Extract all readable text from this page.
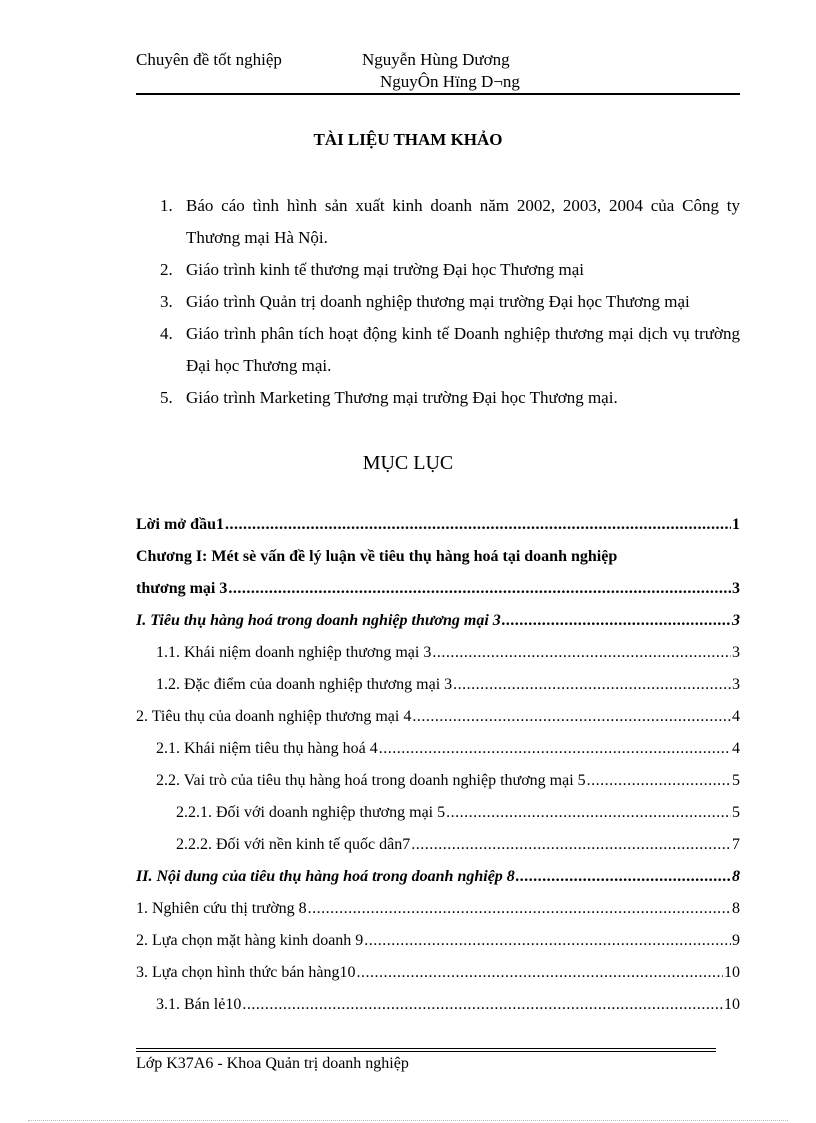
Chuyên đề tốt nghiệp	Nguyễn Hùng Dương
NguyÔn Hïng D¬ng
TÀI LIỆU THAM KHẢO
1. Báo cáo tình hình sản xuất kinh doanh năm 2002, 2003, 2004 của Công ty Thương mại Hà Nội.
2. Giáo trình kinh tế thương mại trường Đại học Thương mại
3. Giáo trình Quản trị doanh nghiệp thương mại trường Đại học Thương mại
4. Giáo trình phân tích hoạt động kinh tế Doanh nghiệp thương mại dịch vụ trường Đại học Thương mại.
5. Giáo trình Marketing Thương mại trường Đại học Thương mại.
MỤC LỤC
Lời mở đầu1 .....	1
Chương I: Mét sè vấn đề lý luận về tiêu thụ hàng hoá tại doanh nghiệp
thương mại 3 .....	3
I. Tiêu thụ hàng hoá trong doanh nghiệp thương mại 3 .....	3
1.1. Khái niệm doanh nghiệp thương mại 3 .....	3
1.2. Đặc điểm của doanh nghiệp thương mại 3 .....	3
2. Tiêu thụ của doanh nghiệp thương mại 4 .....	4
2.1. Khái niệm tiêu thụ hàng hoá 4 .....	4
2.2. Vai trò của tiêu thụ hàng hoá trong doanh nghiệp thương mại 5 .....	5
2.2.1. Đối với doanh nghiệp thương mại 5 .....	5
2.2.2. Đối với nền kinh tế quốc dân7 .....	7
II. Nội dung của tiêu thụ hàng hoá trong doanh nghiệp 8 .....	8
1. Nghiên cứu thị trường 8 .....	8
2. Lựa chọn mặt hàng kinh doanh 9 .....	9
3. Lựa chọn hình thức bán hàng10 .....	10
3.1. Bán lẻ10 .....	10
Lớp K37A6 - Khoa Quản trị doanh nghiệp
